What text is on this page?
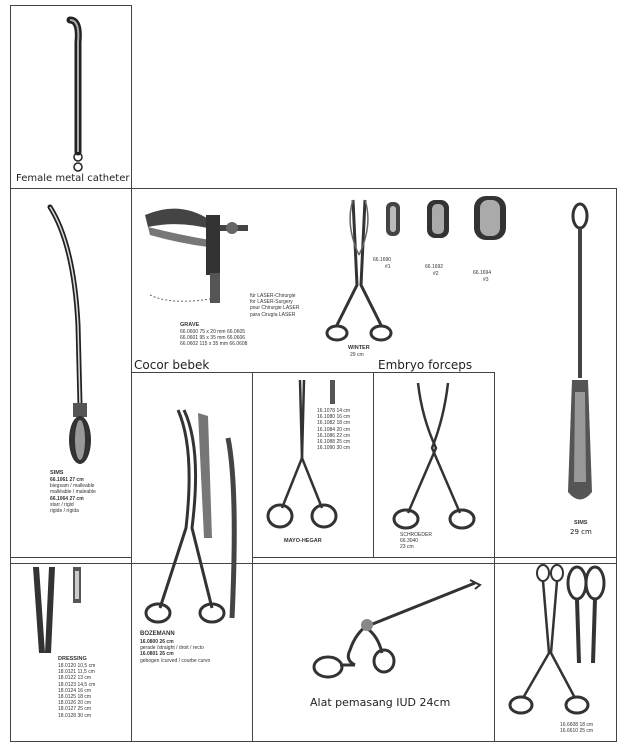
Female metal catheter
SIMS
66.1061 27 cm
biegsam / malleable
malléable / maleable
66.1064 27 cm
starr / rigid
rigide / rígida
GRAVE
66.0600 75 x 20 mm 66.0605
66.0601 95 x 35 mm 66.0606
66.0602 115 x 35 mm 66.0608
für LASER-Chirurgie
for LASER-Surgery
pour Chirurgie LASER
para Cirugía LASER
Cocor bebek
WINTER
29 cm

66.1690

66.1692

66.1694

#1

#2

#3

Embryo forceps
SIMS
29 cm
BOZEMANN
16.0800 26 cm
gerade /straight / droit / recto
16.0801 26 cm
gebogen /curved / courbe curvo
16.1078 14 cm
16.1080 16 cm
16.1082 18 cm
16.1084 20 cm
16.1086 22 cm
16.1088 25 cm
16.1090 30 cm
MAYO-HEGAR
SCHROEDER
66.3040
23 cm
DRESSING
18.0120 10,5 cm
18.0121 11,5 cm
18.0122 13 cm
18.0123 14,5 cm
18.0124 16 cm
18.0125 18 cm
18.0126 20 cm
18.0127 25 cm
18.0128 30 cm
Alat pemasang IUD 24cm
16.6608 18 cm
16.6610 25 cm
